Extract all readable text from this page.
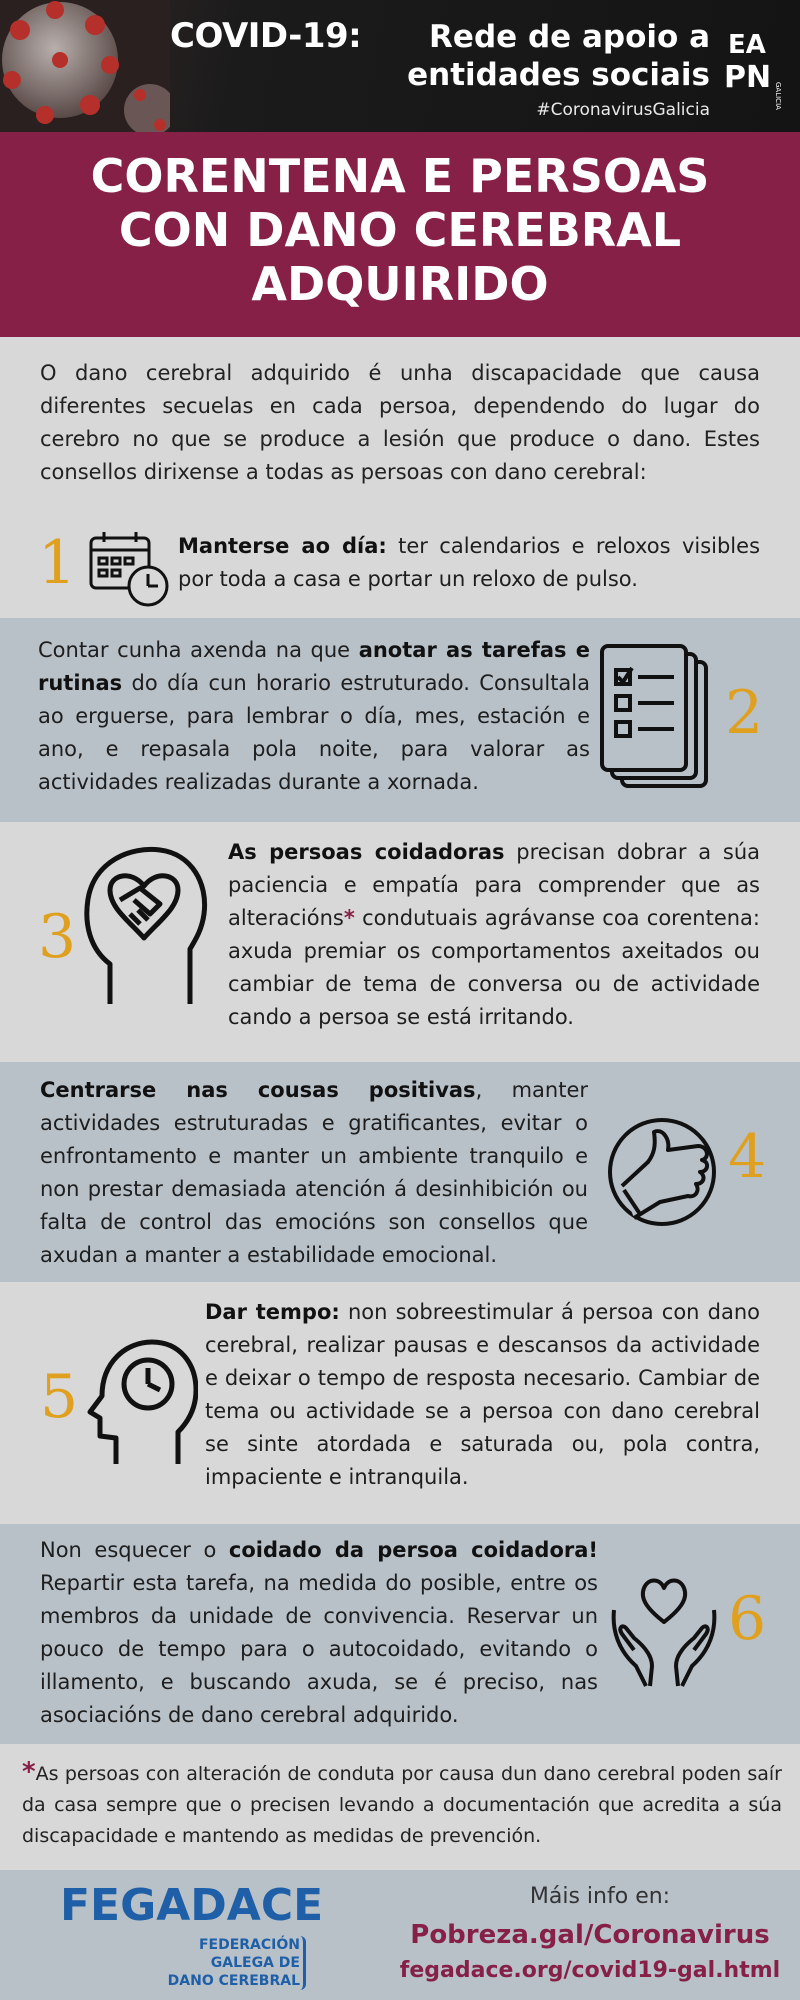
COVID-19:	Rede de apoio a
entidades sociais
#CoronavirusGalicia
EA
PN
GALICIA
CORENTENA E PERSOAS
CON DANO CEREBRAL
ADQUIRIDO
O dano cerebral adquirido é unha discapacidade que causa diferentes secuelas en cada persoa, dependendo do lugar do cerebro no que se produce a lesión que produce o dano. Estes consellos dirixense a todas as persoas con dano cerebral:
1	Manterse ao día: ter calendarios e reloxos visibles por toda a casa e portar un reloxo de pulso.
Contar cunha axenda na que anotar as tarefas e rutinas do día cun horario estruturado. Consultala ao erguerse, para lembrar o día, mes, estación e ano, e repasala pola noite, para valorar as actividades realizadas durante a xornada.
2
3
As persoas coidadoras precisan dobrar a súa paciencia e empatía para comprender que as alteracións* condutuais agrávanse coa corentena: axuda premiar os comportamentos axeitados ou cambiar de tema de conversa ou de actividade cando a persoa se está irritando.
Centrarse nas cousas positivas, manter actividades estruturadas e gratificantes, evitar o enfrontamento e manter un ambiente tranquilo e non prestar demasiada atención á desinhibición ou falta de control das emocións son consellos que axudan a manter a estabilidade emocional.
4
5
Dar tempo: non sobreestimular á persoa con dano cerebral, realizar pausas e descansos da actividade e deixar o tempo de resposta necesario. Cambiar de tema ou actividade se a persoa con dano cerebral se sinte atordada e saturada ou, pola contra, impaciente e intranquila.
Non esquecer o coidado da persoa coidadora! Repartir esta tarefa, na medida do posible, entre os membros da unidade de convivencia. Reservar un pouco de tempo para o autocoidado, evitando o illamento, e buscando axuda, se é preciso, nas asociacións de dano cerebral adquirido.
6
*As persoas con alteración de conduta por causa dun dano cerebral poden saír da casa sempre que o precisen levando a documentación que acredita a súa discapacidade e mantendo as medidas de prevención.
FEGADACE
FEDERACIÓN
GALEGA DE
DANO CEREBRAL
Máis info en:
Pobreza.gal/Coronavirus
fegadace.org/covid19-gal.html
